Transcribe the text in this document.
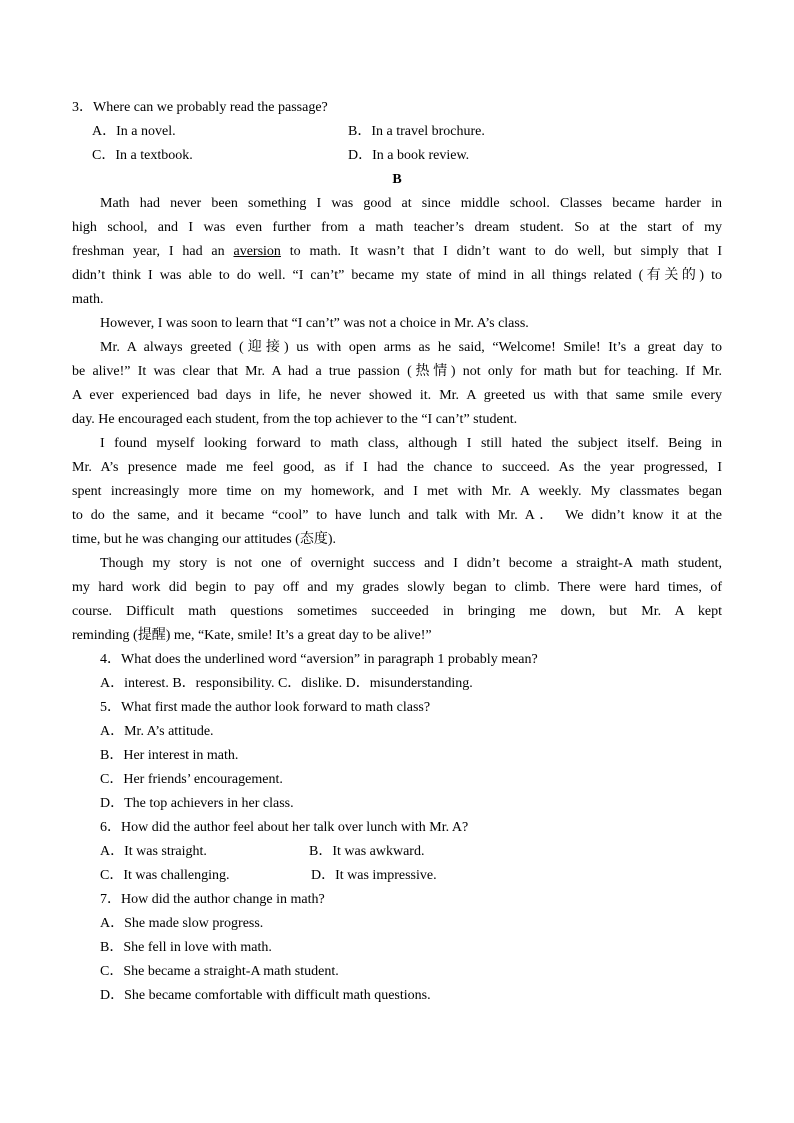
3．Where can we probably read the passage?
A．In a novel.	B．In a travel brochure.
C．In a textbook.	D．In a book review.
B
Math had never been something I was good at since middle school. Classes became harder in
high school, and I was even further from a math teacher’s dream student. So at the start of my
freshman year, I had an aversion to math. It wasn’t that I didn’t want to do well, but simply that I
didn’t think I was able to do well. “I can’t” became my state of mind in all things related (有关的) to
math.
However, I was soon to learn that “I can’t” was not a choice in Mr. A’s class.
Mr. A always greeted (迎接) us with open arms as he said, “Welcome! Smile! It’s a great day to
be alive!” It was clear that Mr. A had a true passion (热情) not only for math but for teaching. If Mr.
A ever experienced bad days in life, he never showed it. Mr. A greeted us with that same smile every
day. He encouraged each student, from the top achiever to the “I can’t” student.
I found myself looking forward to math class, although I still hated the subject itself. Being in
Mr. A’s presence made me feel good, as if I had the chance to succeed. As the year progressed, I
spent increasingly more time on my homework, and I met with Mr. A weekly. My classmates began
to do the same, and it became “cool” to have lunch and talk with Mr. A． We didn’t know it at the
time, but he was changing our attitudes (态度).
Though my story is not one of overnight success and I didn’t become a straight-A math student,
my hard work did begin to pay off and my grades slowly began to climb. There were hard times, of
course. Difficult math questions sometimes succeeded in bringing me down, but Mr. A kept
reminding (提醒) me, “Kate, smile! It’s a great day to be alive!”
4．What does the underlined word “aversion” in paragraph 1 probably mean?
A．interest. B．responsibility. C．dislike. D．misunderstanding.
5．What first made the author look forward to math class?
A．Mr. A’s attitude.
B．Her interest in math.
C．Her friends’ encouragement.
D．The top achievers in her class.
6．How did the author feel about her talk over lunch with Mr. A?
A．It was straight.	B．It was awkward.
C．It was challenging.	D．It was impressive.
7．How did the author change in math?
A．She made slow progress.
B．She fell in love with math.
C．She became a straight-A math student.
D．She became comfortable with difficult math questions.
